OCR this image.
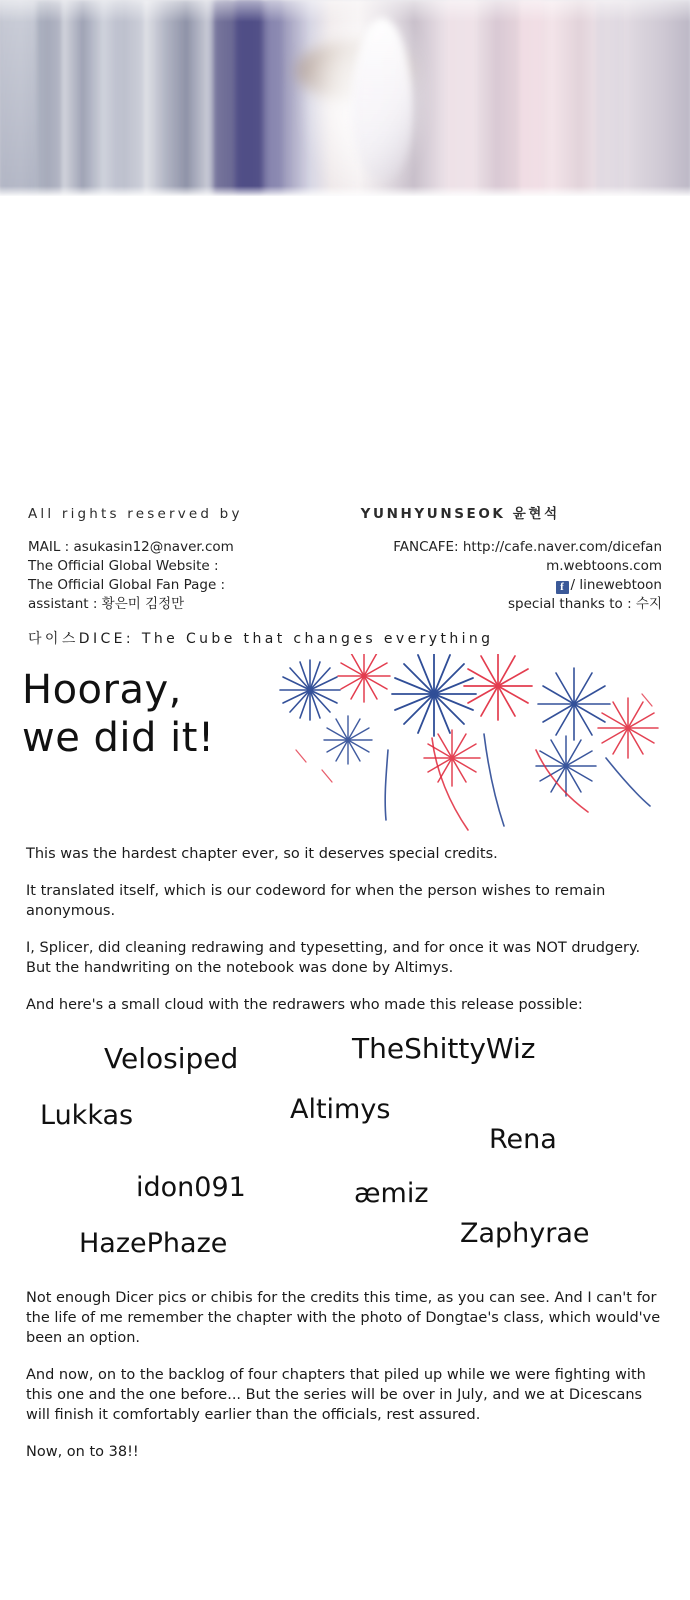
All rights reserved by	YUNHYUNSEOK 윤현석
MAIL : asukasin12@naver.com	FANCAFE: http://cafe.naver.com/dicefan
The Official Global Website :	m.webtoons.com
The Official Global Fan Page :	f / linewebtoon
assistant : 황은미 김정만	special thanks to : 수지
다이스DICE: The Cube that changes everything
Hooray,
we did it!

This was the hardest chapter ever, so it deserves special credits.

It translated itself, which is our codeword for when the person wishes to remain anonymous.

I, Splicer, did cleaning redrawing and typesetting, and for once it was NOT drudgery. But the handwriting on the notebook was done by Altimys.

And here's a small cloud with the redrawers who made this release possible:

Velosiped	TheShittyWiz
Lukkas	Altimys
Rena
idon091	æmiz
HazePhaze	Zaphyrae

Not enough Dicer pics or chibis for the credits this time, as you can see. And I can't for the life of me remember the chapter with the photo of Dongtae's class, which would've been an option.

And now, on to the backlog of four chapters that piled up while we were fighting with this one and the one before... But the series will be over in July, and we at Dicescans will finish it comfortably earlier than the officials, rest assured.

Now, on to 38!!
